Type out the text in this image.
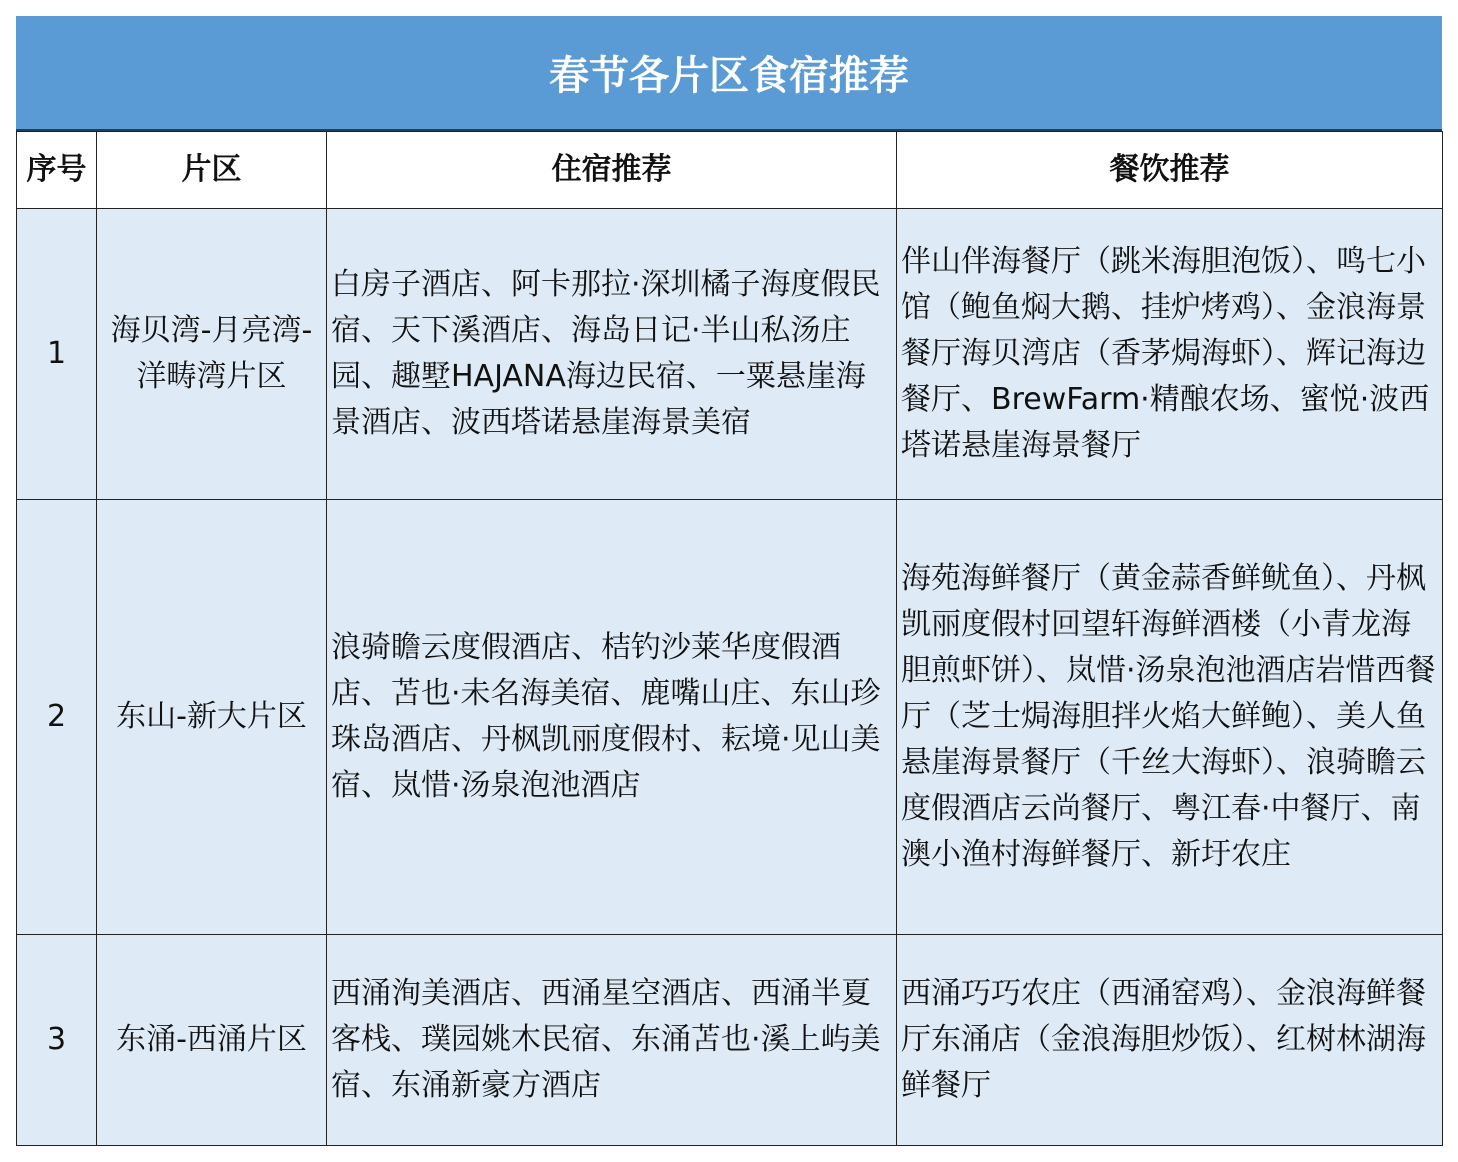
春节各片区食宿推荐
序号	片区	住宿推荐	餐饮推荐
1	海贝湾-月亮湾-洋畴湾片区	白房子酒店、阿卡那拉·深圳橘子海度假民宿、天下溪酒店、海岛日记·半山私汤庄园、趣墅HAJANA海边民宿、一粟悬崖海景酒店、波西塔诺悬崖海景美宿	伴山伴海餐厅（跳米海胆泡饭）、鸣七小馆（鲍鱼焖大鹅、挂炉烤鸡）、金浪海景餐厅海贝湾店（香茅焗海虾）、辉记海边餐厅、BrewFarm·精酿农场、蜜悦·波西塔诺悬崖海景餐厅
2	东山-新大片区	浪骑瞻云度假酒店、桔钓沙莱华度假酒店、苫也·未名海美宿、鹿嘴山庄、东山珍珠岛酒店、丹枫凯丽度假村、耘境·见山美宿、岚惜·汤泉泡池酒店	海苑海鲜餐厅（黄金蒜香鲜鱿鱼）、丹枫凯丽度假村回望轩海鲜酒楼（小青龙海胆煎虾饼）、岚惜·汤泉泡池酒店岩惜西餐厅（芝士焗海胆拌火焰大鲜鲍）、美人鱼悬崖海景餐厅（千丝大海虾）、浪骑瞻云度假酒店云尚餐厅、粤江春·中餐厅、南澳小渔村海鲜餐厅、新圩农庄
3	东涌-西涌片区	西涌洵美酒店、西涌星空酒店、西涌半夏客栈、璞园姚木民宿、东涌苫也·溪上屿美宿、东涌新豪方酒店	西涌巧巧农庄（西涌窑鸡）、金浪海鲜餐厅东涌店（金浪海胆炒饭）、红树林湖海鲜餐厅
